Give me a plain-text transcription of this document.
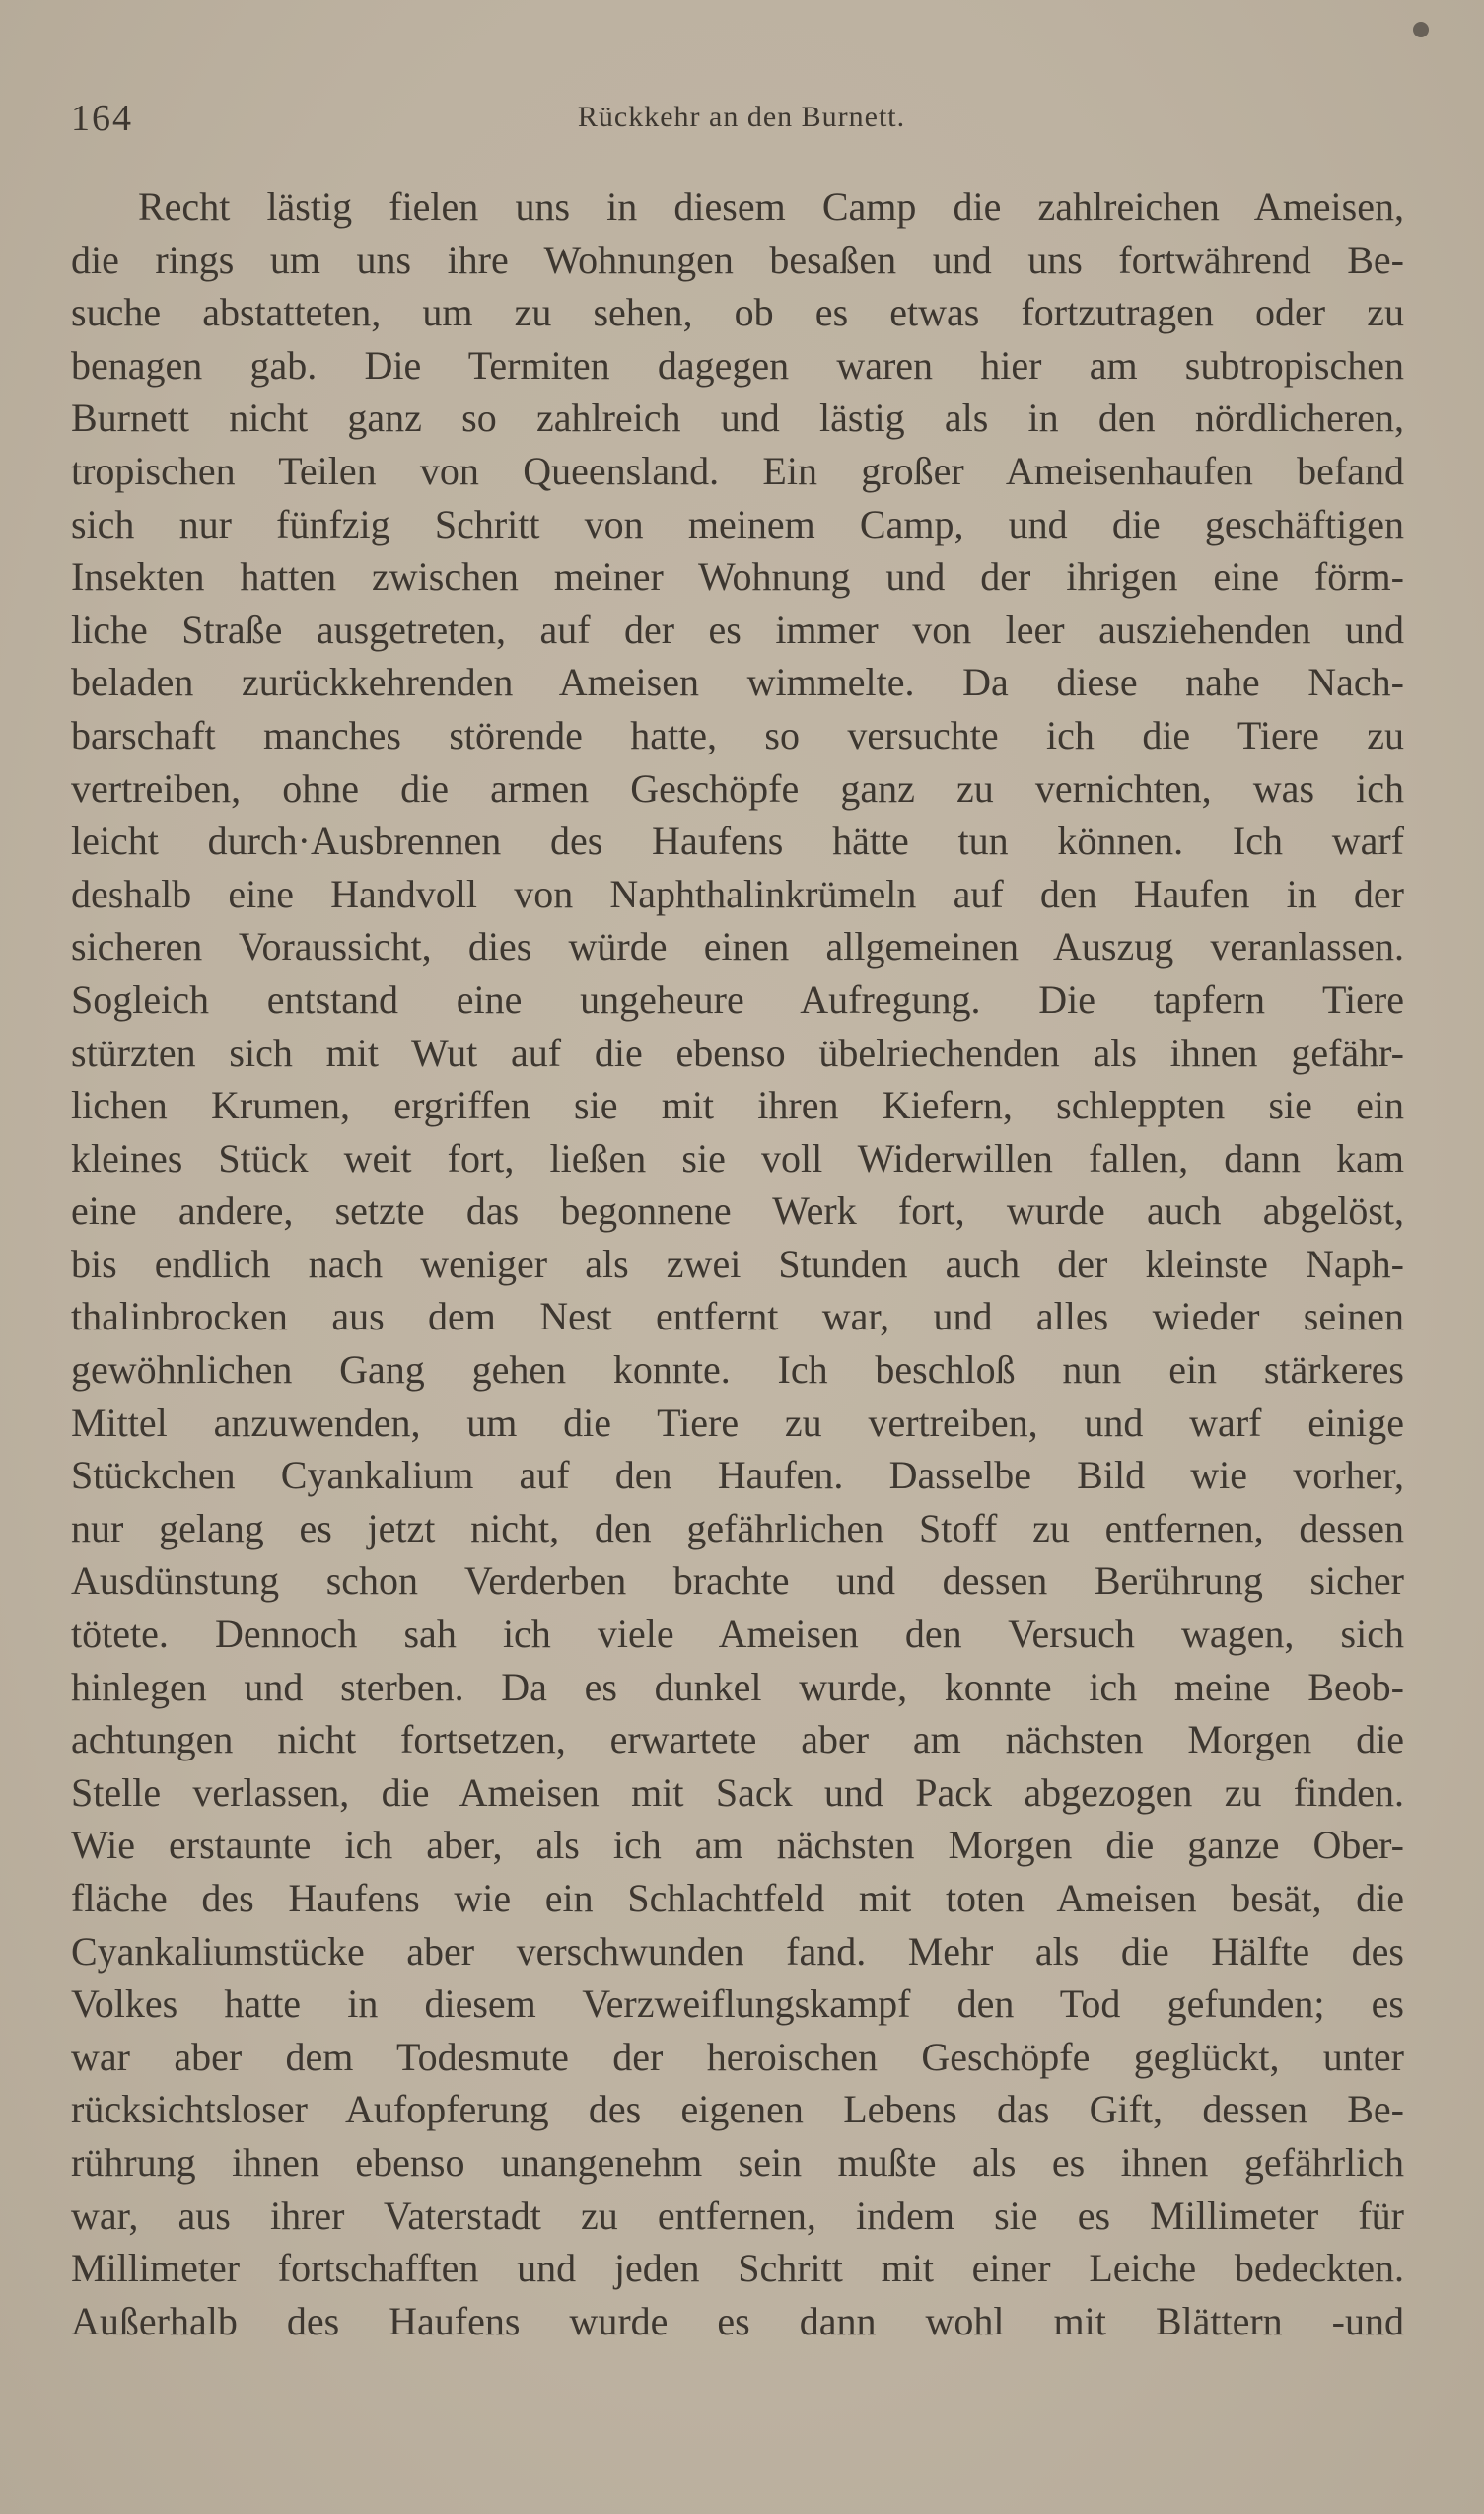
164	Rückkehr an den Burnett.
Recht lästig fielen uns in diesem Camp die zahlreichen Ameisen,
die rings um uns ihre Wohnungen besaßen und uns fortwährend Be-
suche abstatteten, um zu sehen, ob es etwas fortzutragen oder zu
benagen gab. Die Termiten dagegen waren hier am subtropischen
Burnett nicht ganz so zahlreich und lästig als in den nördlicheren,
tropischen Teilen von Queensland. Ein großer Ameisenhaufen befand
sich nur fünfzig Schritt von meinem Camp, und die geschäftigen
Insekten hatten zwischen meiner Wohnung und der ihrigen eine förm-
liche Straße ausgetreten, auf der es immer von leer ausziehenden und
beladen zurückkehrenden Ameisen wimmelte. Da diese nahe Nach-
barschaft manches störende hatte, so versuchte ich die Tiere zu
vertreiben, ohne die armen Geschöpfe ganz zu vernichten, was ich
leicht durch·Ausbrennen des Haufens hätte tun können. Ich warf
deshalb eine Handvoll von Naphthalinkrümeln auf den Haufen in der
sicheren Voraussicht, dies würde einen allgemeinen Auszug veranlassen.
Sogleich entstand eine ungeheure Aufregung. Die tapfern Tiere
stürzten sich mit Wut auf die ebenso übelriechenden als ihnen gefähr-
lichen Krumen, ergriffen sie mit ihren Kiefern, schleppten sie ein
kleines Stück weit fort, ließen sie voll Widerwillen fallen, dann kam
eine andere, setzte das begonnene Werk fort, wurde auch abgelöst,
bis endlich nach weniger als zwei Stunden auch der kleinste Naph-
thalinbrocken aus dem Nest entfernt war, und alles wieder seinen
gewöhnlichen Gang gehen konnte. Ich beschloß nun ein stärkeres
Mittel anzuwenden, um die Tiere zu vertreiben, und warf einige
Stückchen Cyankalium auf den Haufen. Dasselbe Bild wie vorher,
nur gelang es jetzt nicht, den gefährlichen Stoff zu entfernen, dessen
Ausdünstung schon Verderben brachte und dessen Berührung sicher
tötete. Dennoch sah ich viele Ameisen den Versuch wagen, sich
hinlegen und sterben. Da es dunkel wurde, konnte ich meine Beob-
achtungen nicht fortsetzen, erwartete aber am nächsten Morgen die
Stelle verlassen, die Ameisen mit Sack und Pack abgezogen zu finden.
Wie erstaunte ich aber, als ich am nächsten Morgen die ganze Ober-
fläche des Haufens wie ein Schlachtfeld mit toten Ameisen besät, die
Cyankaliumstücke aber verschwunden fand. Mehr als die Hälfte des
Volkes hatte in diesem Verzweiflungskampf den Tod gefunden; es
war aber dem Todesmute der heroischen Geschöpfe geglückt, unter
rücksichtsloser Aufopferung des eigenen Lebens das Gift, dessen Be-
rührung ihnen ebenso unangenehm sein mußte als es ihnen gefährlich
war, aus ihrer Vaterstadt zu entfernen, indem sie es Millimeter für
Millimeter fortschafften und jeden Schritt mit einer Leiche bedeckten.
Außerhalb des Haufens wurde es dann wohl mit Blättern -und
